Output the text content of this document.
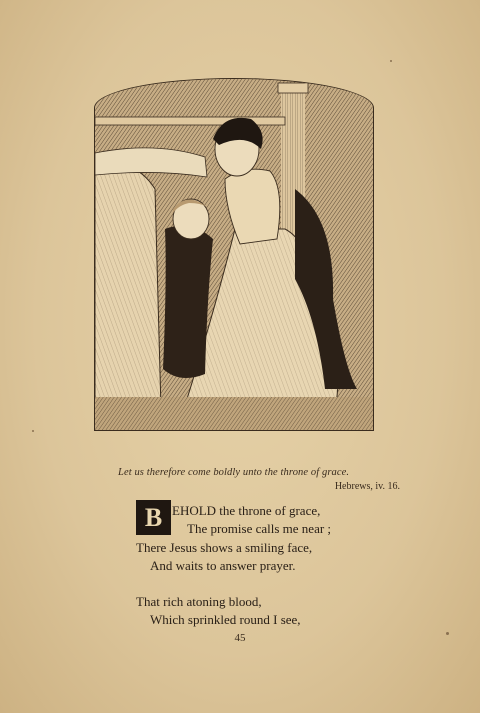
Let us therefore come boldly unto the throne of grace.
Hebrews, iv. 16.
B EHOLD the throne of grace,
The promise calls me near ;
There Jesus shows a smiling face,
And waits to answer prayer.
That rich atoning blood,
Which sprinkled round I see,
45
